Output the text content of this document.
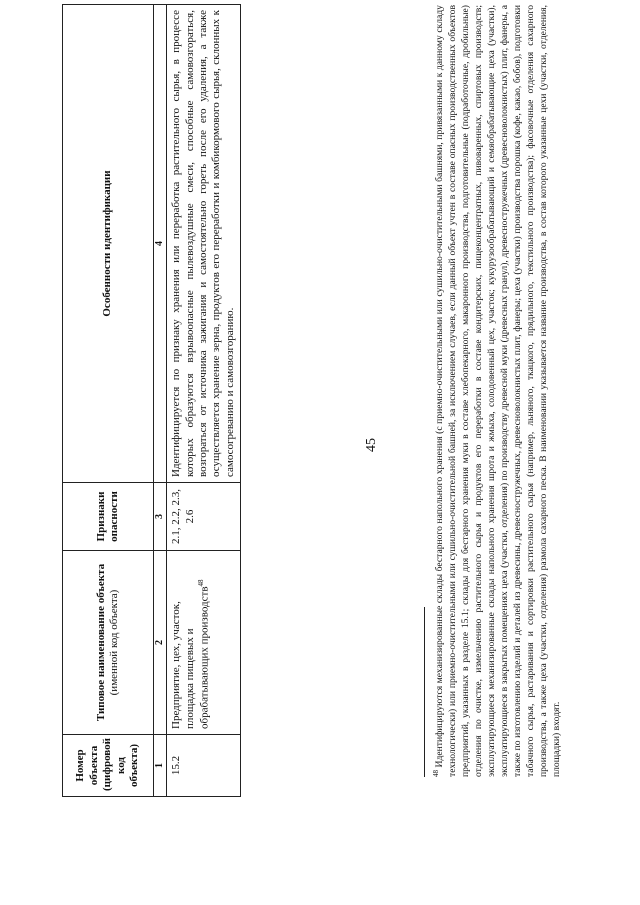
45
Номер объекта (цифровой код объекта)	Типовое наименование объекта (именной код объекта)	Признаки опасности	Особенности идентификации
1	2	3	4
15.2	Предприятие, цех, участок, площадка пищевых и обрабатывающих производств$^{48}$	2.1, 2.2, 2.3, 2.6	Идентифицируется по признаку хранения или переработка растительного сырья, в процессе которых образуются взрывоопасные пылевоздушные смеси, способные самовозгораться, возгораться от источника зажигания и самостоятельно гореть после его удаления, а также осуществляется хранение зерна, продуктов его переработки и комбикормового сырья, склонных к самосогреванию и самовозгоранию.
$^{48}$ Идентифицируются механизированные склады бестарного напольного хранения (с приемно-очистительными или сушильно-очистительными башнями, привязанными к данному складу технологически) или приемно-очистительными или сушильно-очистительной башней, за исключением случаев, если данный объект учтен в составе опасных производственных объектов предприятий, указанных в разделе 15.1; склады для бестарного хранения муки в составе хлебопекарного, макаронного производства, подготовительные (подработочные, дробильные) отделения по очистке, измельчению растительного сырья и продуктов его переработки в составе кондитерских, пищеконцентратных, пивоваренных, спиртовых производств; эксплуатирующиеся механизированные склады напольного хранения шрота и жмыха, солодовенный цех, участок; кукурузообрабатывающий и семяобрабатывающие цеха (участки), эксплуатирующиеся в закрытых помещениях цеха (участки, отделения) по производству древесной муки (древесных гранул), древесностружечных (древесноволокнистых) плит, фанеры, а также по изготовлению изделий и деталей из древесины, древесностружечных, древесноволокнистых плит, фанеры; цеха (участки) производства порошка (кофе, какао, бобов), подготовки табачного сырья, растаривания и сортировки растительного сырья (например, льняного, ткацкого, прядильного, текстильного производства); фасовочные отделения сахарного производства, а также цеха (участки, отделения) размола сахарного песка. В наименовании указывается название производства, в состав которого указанные цехи (участки, отделения, площадки) входят.
